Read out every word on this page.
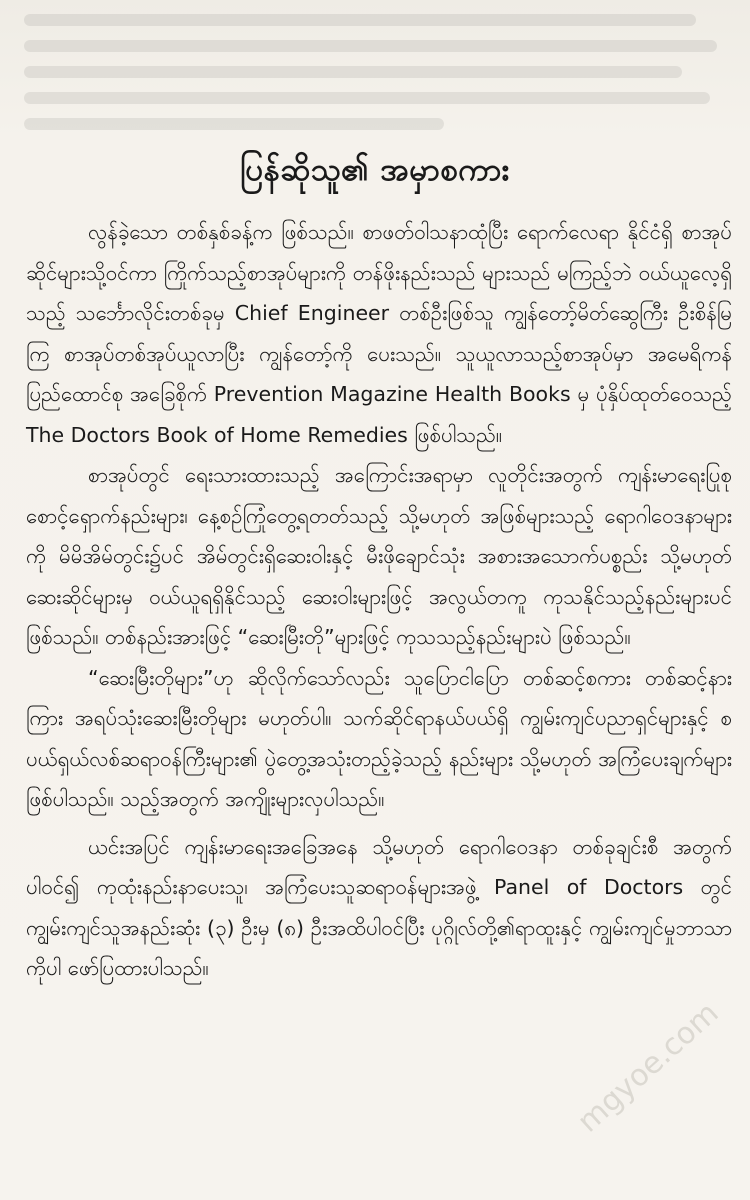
ပြန်ဆိုသူ၏ အမှာစကား

လွန်ခဲ့သော တစ်နှစ်ခန့်က ဖြစ်သည်။ စာဖတ်ဝါသနာထုံပြီး ရောက်လေရာ နိုင်ငံရှိ စာအုပ်ဆိုင်များသို့ဝင်ကာ ကြိုက်သည့်စာအုပ်များကို တန်ဖိုးနည်းသည် များသည် မကြည့်ဘဲ ဝယ်ယူလေ့ရှိသည့် သင်္ဘောလိုင်းတစ်ခုမှ Chief Engineer တစ်ဦးဖြစ်သူ ကျွန်တော့်မိတ်ဆွေကြီး ဦးစိန်မြကြ စာအုပ်တစ်အုပ်ယူလာပြီး ကျွန်တော့်ကို ပေးသည်။ သူယူလာသည့်စာအုပ်မှာ အမေရိကန်ပြည်ထောင်စု အခြေစိုက် Prevention Magazine Health Books မှ ပုံနှိပ်ထုတ်ဝေသည့် The Doctors Book of Home Remedies ဖြစ်ပါသည်။

စာအုပ်တွင် ရေးသားထားသည့် အကြောင်းအရာမှာ လူတိုင်းအတွက် ကျန်းမာရေးပြုစုစောင့်ရှောက်နည်းများ၊ နေ့စဉ်ကြုံတွေ့ရတတ်သည့် သို့မဟုတ် အဖြစ်များသည့် ရောဂါဝေဒနာများကို မိမိအိမ်တွင်း၌ပင် အိမ်တွင်းရှိဆေးဝါးနှင့် မီးဖိုချောင်သုံး အစားအသောက်ပစ္စည်း သို့မဟုတ် ဆေးဆိုင်များမှ ဝယ်ယူရရှိနိုင်သည့် ဆေးဝါးများဖြင့် အလွယ်တကူ ကုသနိုင်သည့်နည်းများပင် ဖြစ်သည်။ တစ်နည်းအားဖြင့် “ဆေးမြီးတို”များဖြင့် ကုသသည့်နည်းများပဲ ဖြစ်သည်။

“ဆေးမြီးတိုများ”ဟု ဆိုလိုက်သော်လည်း သူပြောငါပြော တစ်ဆင့်စကား တစ်ဆင့်နားကြား အရပ်သုံးဆေးမြီးတိုများ မဟုတ်ပါ။ သက်ဆိုင်ရာနယ်ပယ်ရှိ ကျွမ်းကျင်ပညာရှင်များနှင့် စပယ်ရှယ်လစ်ဆရာဝန်ကြီးများ၏ ပွဲတွေ့အသုံးတည့်ခဲ့သည့် နည်းများ သို့မဟုတ် အကြံပေးချက်များ ဖြစ်ပါသည်။ သည့်အတွက် အကျိုးများလှပါသည်။

ယင်းအပြင် ကျန်းမာရေးအခြေအနေ သို့မဟုတ် ရောဂါဝေဒနာ တစ်ခုချင်းစီ အတွက် ပါဝင်၍ ကုထုံးနည်းနာပေးသူ၊ အကြံပေးသူဆရာဝန်များအဖွဲ့ Panel of Doctors တွင် ကျွမ်းကျင်သူအနည်းဆုံး (၃) ဦးမှ (၈) ဦးအထိပါဝင်ပြီး ပုဂ္ဂိုလ်တို့၏ရာထူးနှင့် ကျွမ်းကျင်မှုဘာသာကိုပါ ဖော်ပြထားပါသည်။

mgyoe.com
